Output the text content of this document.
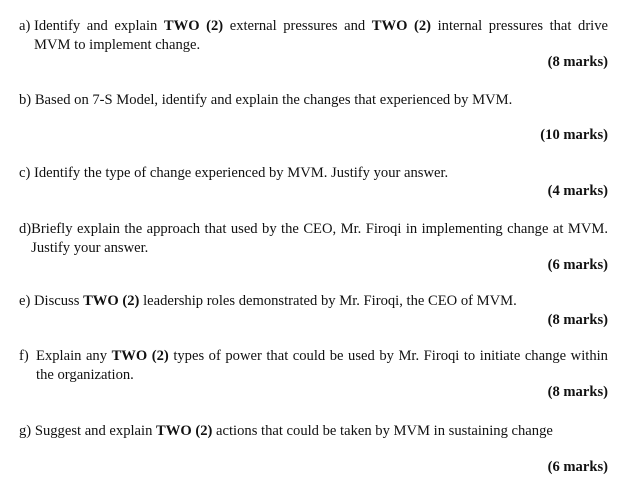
a)
Identify and explain TWO (2) external pressures and TWO (2) internal pressures that drive MVM to implement change.
(8 marks)
b)
Based on 7-S Model, identify and explain the changes that experienced by MVM.
(10 marks)
c)
Identify the type of change experienced by MVM. Justify your answer.
(4 marks)
d) Briefly explain the approach that used by the CEO, Mr. Firoqi in implementing change at MVM. Justify your answer.
(6 marks)
e)
Discuss TWO (2) leadership roles demonstrated by Mr. Firoqi, the CEO of MVM.
(8 marks)
f)
Explain any TWO (2) types of power that could be used by Mr. Firoqi to initiate change within the organization.
(8 marks)
g)
Suggest and explain TWO (2) actions that could be taken by MVM in sustaining change
(6 marks)
